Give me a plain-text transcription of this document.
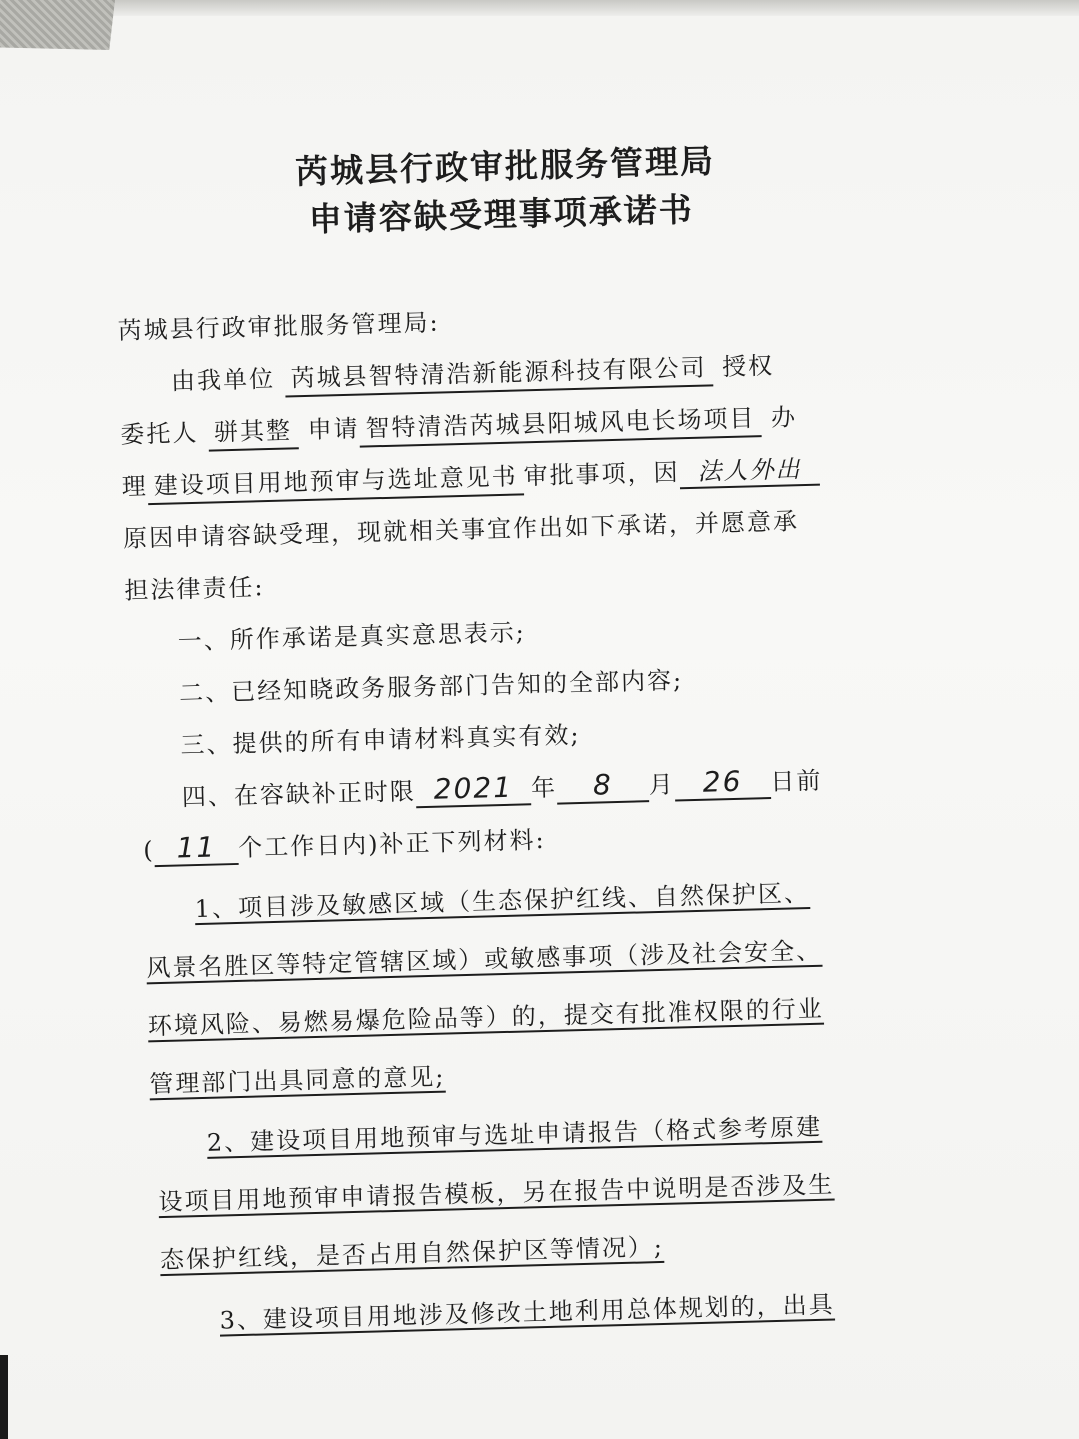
芮城县行政审批服务管理局
申请容缺受理事项承诺书
芮城县行政审批服务管理局:
由我单位 芮城县智特清浩新能源科技有限公司 授权
委托人 骈其整 申请 智特清浩芮城县阳城风电长场项目 办
理 建设项目用地预审与选址意见书 审批事项，因 法人外出
原因申请容缺受理，现就相关事宜作出如下承诺，并愿意承
担法律责任:
一、所作承诺是真实意思表示;
二、已经知晓政务服务部门告知的全部内容;
三、提供的所有申请材料真实有效;
四、在容缺补正时限 2021 年 8 月 26 日前
( 11 个工作日内)补正下列材料:
1、项目涉及敏感区域（生态保护红线、自然保护区、
风景名胜区等特定管辖区域）或敏感事项（涉及社会安全、
环境风险、易燃易爆危险品等）的，提交有批准权限的行业
管理部门出具同意的意见;
2、建设项目用地预审与选址申请报告（格式参考原建
设项目用地预审申请报告模板，另在报告中说明是否涉及生
态保护红线，是否占用自然保护区等情况）;
3、建设项目用地涉及修改土地利用总体规划的，出具
